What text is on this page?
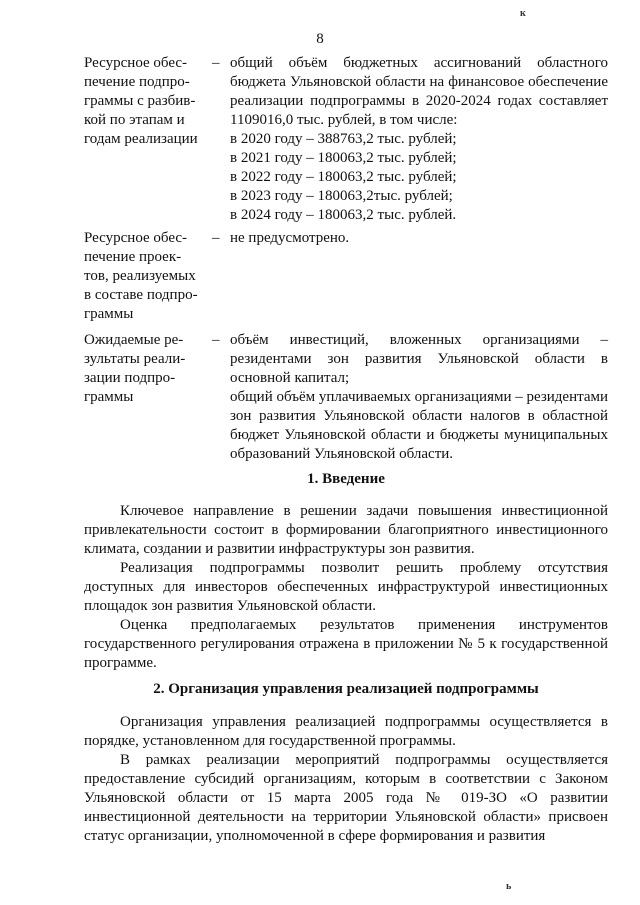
8
к
Ресурсное обес-
печение подпро-
граммы с разбив-
кой по этапам и
годам реализации
– общий объём бюджетных ассигнований областного бюджета Ульяновской области на финансовое обеспечение реализации подпрограммы в 2020-2024 годах составляет 1109016,0 тыс. рублей, в том числе:

в 2020 году – 388763,2 тыс. рублей;

в 2021 году – 180063,2 тыс. рублей;

в 2022 году – 180063,2 тыс. рублей;

в 2023 году – 180063,2тыс. рублей;

в 2024 году – 180063,2 тыс. рублей.

Ресурсное обес-
печение проек-
тов, реализуемых
в составе подпро-
граммы
– не предусмотрено.

Ожидаемые ре-
зультаты реали-
зации подпро-
граммы
– объём инвестиций, вложенных организациями – резидентами зон развития Ульяновской области в основной капитал;

общий объём уплачиваемых организациями – резидентами зон развития Ульяновской области налогов в областной бюджет Ульяновской области и бюджеты муниципальных образований Ульяновской области.

1. Введение

Ключевое направление в решении задачи повышения инвестиционной привлекательности состоит в формировании благоприятного инвестиционного климата, создании и развитии инфраструктуры зон развития.

Реализация подпрограммы позволит решить проблему отсутствия доступных для инвесторов обеспеченных инфраструктурой инвестиционных площадок зон развития Ульяновской области.

Оценка предполагаемых результатов применения инструментов государственного регулирования отражена в приложении № 5 к государственной программе.

2. Организация управления реализацией подпрограммы

Организация управления реализацией подпрограммы осуществляется в порядке, установленном для государственной программы.

В рамках реализации мероприятий подпрограммы осуществляется предоставление субсидий организациям, которым в соответствии с Законом Ульяновской области от 15 марта 2005 года № 019-ЗО «О развитии инвестиционной деятельности на территории Ульяновской области» присвоен статус организации, уполномоченной в сфере формирования и развития

ь
